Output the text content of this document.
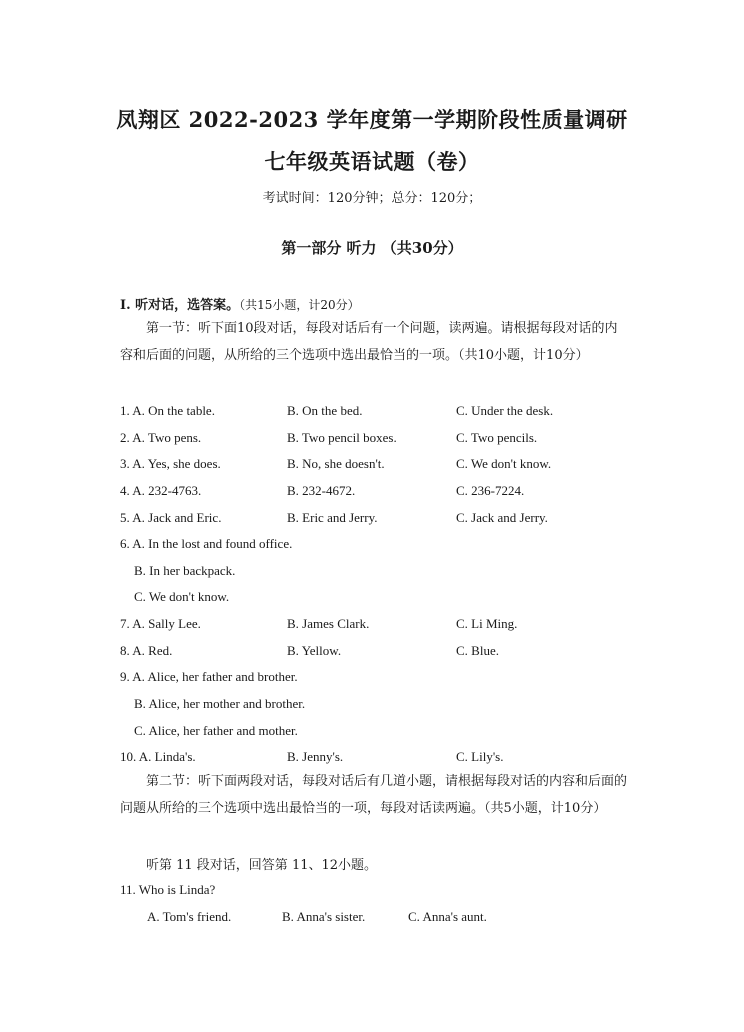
凤翔区 2022-2023 学年度第一学期阶段性质量调研
七年级英语试题（卷）
考试时间：120分钟；总分：120分；
第一部分 听力 （共30分）
I. 听对话，选答案。（共15小题，计20分）
第一节：听下面10段对话，每段对话后有一个问题，读两遍。请根据每段对话的内容和后面的问题，从所给的三个选项中选出最恰当的一项。（共10小题，计10分）
1. A. On the table.	B. On the bed.	C. Under the desk.
2. A. Two pens.	B. Two pencil boxes.	C. Two pencils.
3. A. Yes, she does.	B. No, she doesn't.	C. We don't know.
4. A. 232-4763.	B. 232-4672.	C. 236-7224.
5. A. Jack and Eric.	B. Eric and Jerry.	C. Jack and Jerry.
6. A. In the lost and found office.
B. In her backpack.
C. We don't know.
7. A. Sally Lee.	B. James Clark.	C. Li Ming.
8. A. Red.	B. Yellow.	C. Blue.
9. A. Alice, her father and brother.
B. Alice, her mother and brother.
C. Alice, her father and mother.
10. A. Linda's.	B. Jenny's.	C. Lily's.
第二节：听下面两段对话，每段对话后有几道小题，请根据每段对话的内容和后面的问题从所给的三个选项中选出最恰当的一项，每段对话读两遍。（共5小题，计10分）
听第 11 段对话，回答第 11、12小题。
11. Who is Linda?
A. Tom's friend.	B. Anna's sister.	C. Anna's aunt.
